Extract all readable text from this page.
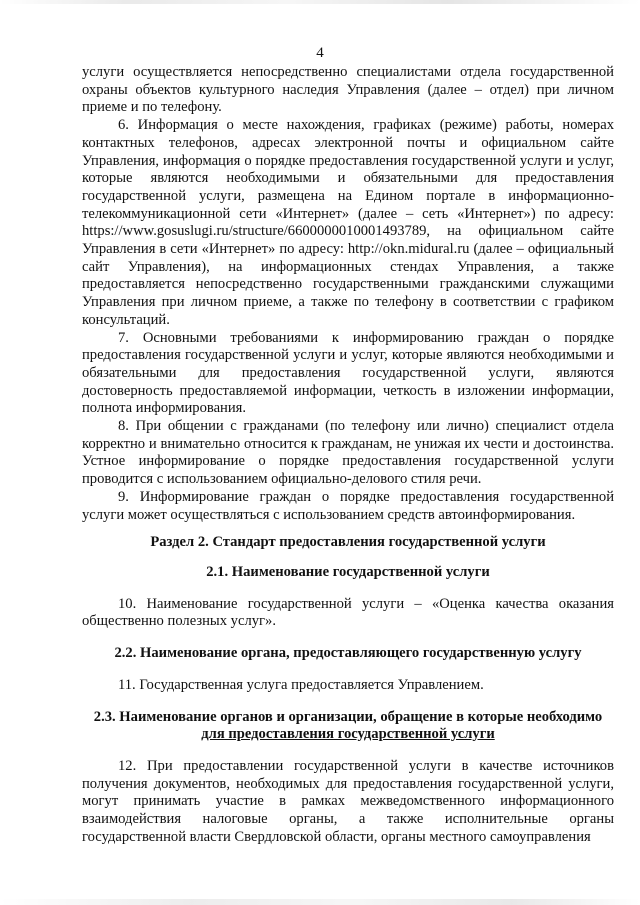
4

услуги осуществляется непосредственно специалистами отдела государственной охраны объектов культурного наследия Управления (далее – отдел) при личном приеме и по телефону.

6. Информация о месте нахождения, графиках (режиме) работы, номерах контактных телефонов, адресах электронной почты и официальном сайте Управления, информация о порядке предоставления государственной услуги и услуг, которые являются необходимыми и обязательными для предоставления государственной услуги, размещена на Едином портале в информационно-телекоммуникационной сети «Интернет» (далее – сеть «Интернет») по адресу: https://www.gosuslugi.ru/structure/6600000010001493789, на официальном сайте Управления в сети «Интернет» по адресу: http://okn.midural.ru (далее – официальный сайт Управления), на информационных стендах Управления, а также предоставляется непосредственно государственными гражданскими служащими Управления при личном приеме, а также по телефону в соответствии с графиком консультаций.

7. Основными требованиями к информированию граждан о порядке предоставления государственной услуги и услуг, которые являются необходимыми и обязательными для предоставления государственной услуги, являются достоверность предоставляемой информации, четкость в изложении информации, полнота информирования.

8. При общении с гражданами (по телефону или лично) специалист отдела корректно и внимательно относится к гражданам, не унижая их чести и достоинства. Устное информирование о порядке предоставления государственной услуги проводится с использованием официально-делового стиля речи.

9. Информирование граждан о порядке предоставления государственной услуги может осуществляться с использованием средств автоинформирования.

Раздел 2. Стандарт предоставления государственной услуги

2.1. Наименование государственной услуги

10. Наименование государственной услуги – «Оценка качества оказания общественно полезных услуг».

2.2. Наименование органа, предоставляющего государственную услугу

11. Государственная услуга предоставляется Управлением.

2.3. Наименование органов и организации, обращение в которые необходимо

для предоставления государственной услуги

12. При предоставлении государственной услуги в качестве источников получения документов, необходимых для предоставления государственной услуги, могут принимать участие в рамках межведомственного информационного взаимодействия налоговые органы, а также исполнительные органы государственной власти Свердловской области, органы местного самоуправления
